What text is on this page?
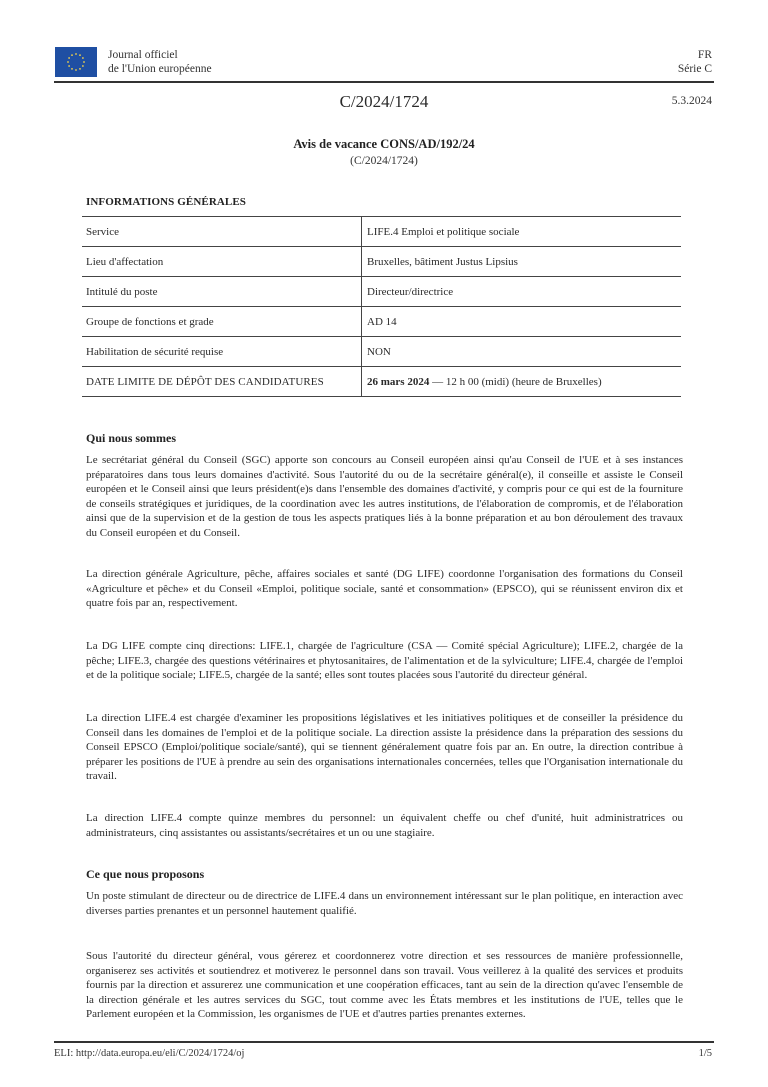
Journal officiel
de l'Union européenne
FR
Série C
C/2024/1724	5.3.2024
Avis de vacance CONS/AD/192/24
(C/2024/1724)
INFORMATIONS GÉNÉRALES
Service	LIFE.4 Emploi et politique sociale
Lieu d'affectation	Bruxelles, bâtiment Justus Lipsius
Intitulé du poste	Directeur/directrice
Groupe de fonctions et grade	AD 14
Habilitation de sécurité requise	NON
DATE LIMITE DE DÉPÔT DES CANDIDATURES	26 mars 2024 — 12 h 00 (midi) (heure de Bruxelles)
Qui nous sommes
Le secrétariat général du Conseil (SGC) apporte son concours au Conseil européen ainsi qu'au Conseil de l'UE et à ses instances préparatoires dans tous leurs domaines d'activité. Sous l'autorité du ou de la secrétaire général(e), il conseille et assiste le Conseil européen et le Conseil ainsi que leurs président(e)s dans l'ensemble des domaines d'activité, y compris pour ce qui est de la fourniture de conseils stratégiques et juridiques, de la coordination avec les autres institutions, de l'élaboration de compromis, et de l'élaboration ainsi que de la supervision et de la gestion de tous les aspects pratiques liés à la bonne préparation et au bon déroulement des travaux du Conseil européen et du Conseil.
La direction générale Agriculture, pêche, affaires sociales et santé (DG LIFE) coordonne l'organisation des formations du Conseil «Agriculture et pêche» et du Conseil «Emploi, politique sociale, santé et consommation» (EPSCO), qui se réunissent environ dix et quatre fois par an, respectivement.
La DG LIFE compte cinq directions: LIFE.1, chargée de l'agriculture (CSA — Comité spécial Agriculture); LIFE.2, chargée de la pêche; LIFE.3, chargée des questions vétérinaires et phytosanitaires, de l'alimentation et de la sylviculture; LIFE.4, chargée de l'emploi et de la politique sociale; LIFE.5, chargée de la santé; elles sont toutes placées sous l'autorité du directeur général.
La direction LIFE.4 est chargée d'examiner les propositions législatives et les initiatives politiques et de conseiller la présidence du Conseil dans les domaines de l'emploi et de la politique sociale. La direction assiste la présidence dans la préparation des sessions du Conseil EPSCO (Emploi/politique sociale/santé), qui se tiennent généralement quatre fois par an. En outre, la direction contribue à préparer les positions de l'UE à prendre au sein des organisations internationales concernées, telles que l'Organisation internationale du travail.
La direction LIFE.4 compte quinze membres du personnel: un équivalent cheffe ou chef d'unité, huit administratrices ou administrateurs, cinq assistantes ou assistants/secrétaires et un ou une stagiaire.
Ce que nous proposons
Un poste stimulant de directeur ou de directrice de LIFE.4 dans un environnement intéressant sur le plan politique, en interaction avec diverses parties prenantes et un personnel hautement qualifié.
Sous l'autorité du directeur général, vous gérerez et coordonnerez votre direction et ses ressources de manière professionnelle, organiserez ses activités et soutiendrez et motiverez le personnel dans son travail. Vous veillerez à la qualité des services et produits fournis par la direction et assurerez une communication et une coopération efficaces, tant au sein de la direction qu'avec l'ensemble de la direction générale et les autres services du SGC, tout comme avec les États membres et les institutions de l'UE, telles que le Parlement européen et la Commission, les organismes de l'UE et d'autres parties prenantes externes.
ELI: http://data.europa.eu/eli/C/2024/1724/oj	1/5
